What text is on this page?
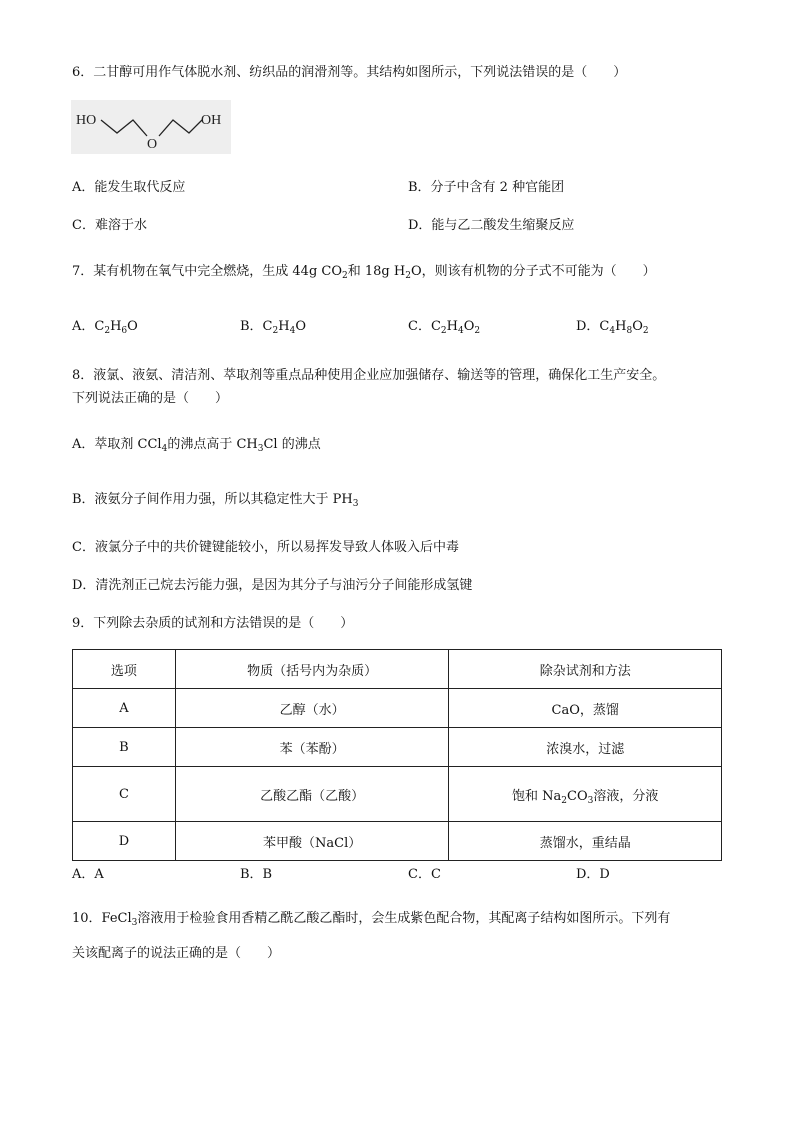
6．二甘醇可用作气体脱水剂、纺织品的润滑剂等。其结构如图所示，下列说法错误的是（　　）
HO
O
OH
A．能发生取代反应	B．分子中含有 2 种官能团
C．难溶于水	D．能与乙二酸发生缩聚反应
7．某有机物在氧气中完全燃烧，生成 44g $CO_2$和 18g $H_2O$，则该有机物的分子式不可能为（　　）
A．$C_2H_6O$	B．$C_2H_4O$	C．$C_2H_4O_2$	D．$C_4H_8O_2$
8．液氯、液氨、清洁剂、萃取剂等重点品种使用企业应加强储存、输送等的管理，确保化工生产安全。
下列说法正确的是（　　）
A．萃取剂 CCl$_4$的沸点高于 $CH_3Cl$ 的沸点
B．液氨分子间作用力强，所以其稳定性大于 $PH_3$
C．液氯分子中的共价键键能较小，所以易挥发导致人体吸入后中毒
D．清洗剂正己烷去污能力强，是因为其分子与油污分子间能形成氢键
9．下列除去杂质的试剂和方法错误的是（　　）
选项	物质（括号内为杂质）	除杂试剂和方法
A	乙醇（水）	CaO，蒸馏
B	苯（苯酚）	浓溴水，过滤
C	乙酸乙酯（乙酸）	饱和 $Na_2CO_3$溶液，分液
D	苯甲酸（NaCl）	蒸馏水，重结晶
A．A	B．B	C．C	D．D
10．FeCl$_3$溶液用于检验食用香精乙酰乙酸乙酯时，会生成紫色配合物，其配离子结构如图所示。下列有
关该配离子的说法正确的是（　　）
